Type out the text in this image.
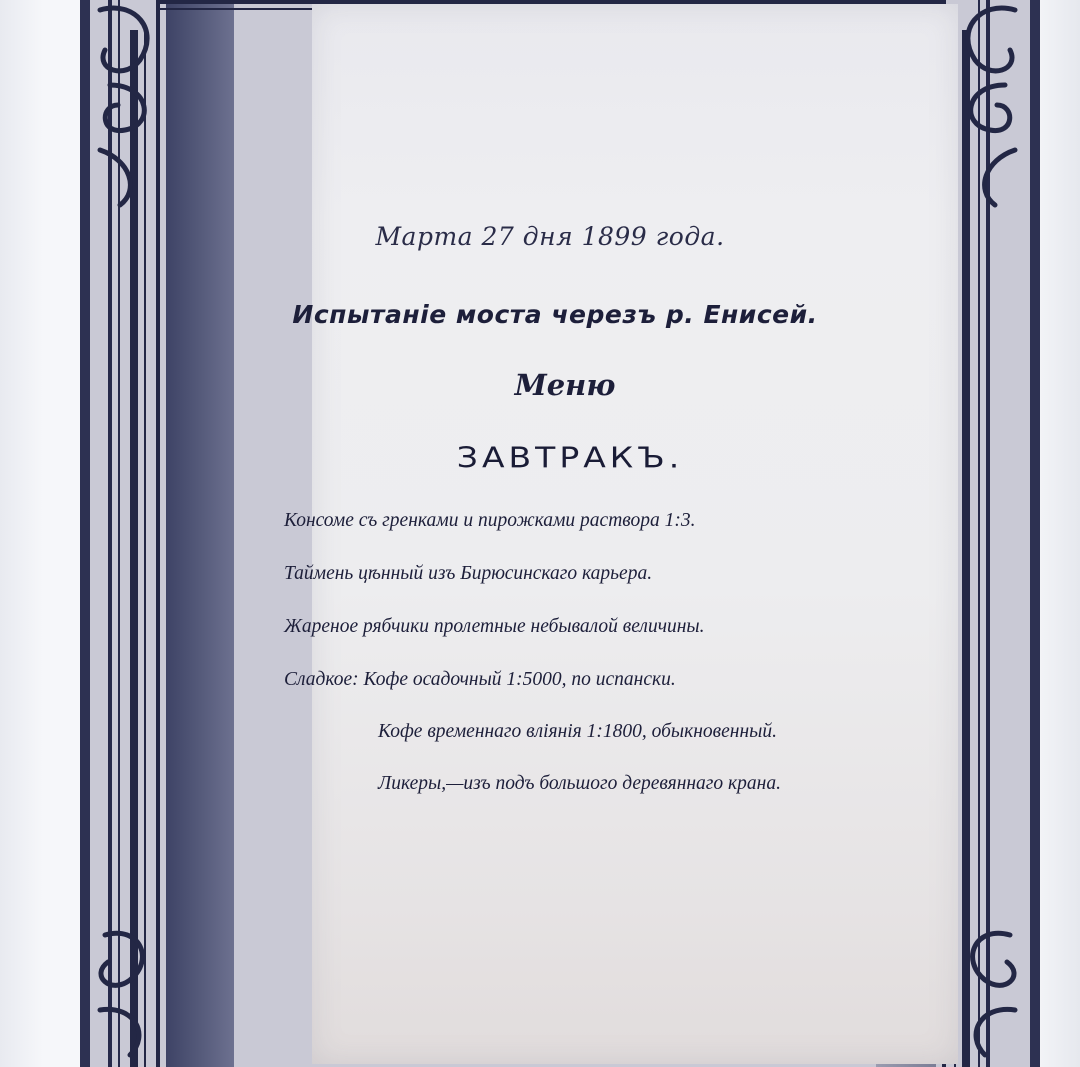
Марта 27 дня 1899 года.
Испытаніе моста черезъ р. Енисей.
Меню
ЗАВТРАКЪ.
Консоме съ гренками и пирожками раствора 1:3.
Таймень цѣнный изъ Бирюсинскаго карьера.
Жареное рябчики пролетные небывалой величины.
Сладкое: Кофе осадочный 1:5000, по испански.
Кофе временнаго вліянія 1:1800, обыкновенный.
Ликеры,—изъ подъ большого деревяннаго крана.
